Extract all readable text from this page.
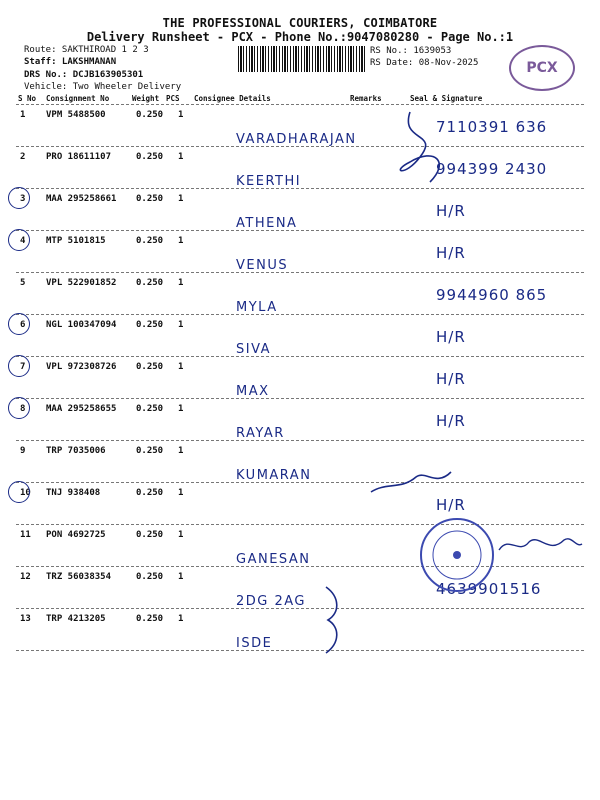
THE PROFESSIONAL COURIERS, COIMBATORE
Delivery Runsheet - PCX - Phone No.:9047080280 - Page No.:1
Route: SAKTHIROAD 1 2 3
Staff: LAKSHMANAN
DRS No.: DCJB163905301
Vehicle: Two Wheeler Delivery
RS No.: 1639053
RS Date: 08-Nov-2025	PCX
S No Consignment No	Weight PCS Consignee Details	Remarks	Seal & Signature
1 VPM 5488500	0.250 1
VARADHARAJAN
7110391 636
2 PRO 18611107	0.250 1
KEERTHI
994399 2430
3 MAA 295258661 0.250 1
ATHENA
H/R
4 MTP 5101815	0.250 1
VENUS
H/R
5 VPL 522901852 0.250 1
MYLA
9944960 865
6 NGL 100347094 0.250 1
SIVA
H/R
7 VPL 972308726 0.250 1
MAX
H/R
8 MAA 295258655 0.250 1
RAYAR
H/R
9 TRP 7035006	0.250 1
KUMARAN
10 TNJ 938408	0.250 1
H/R
11 PON 4692725	0.250 1
GANESAN
12 TRZ 56038354	0.250 1
2DG 2AG
4639901516
13 TRP 4213205	0.250 1
ISDE
